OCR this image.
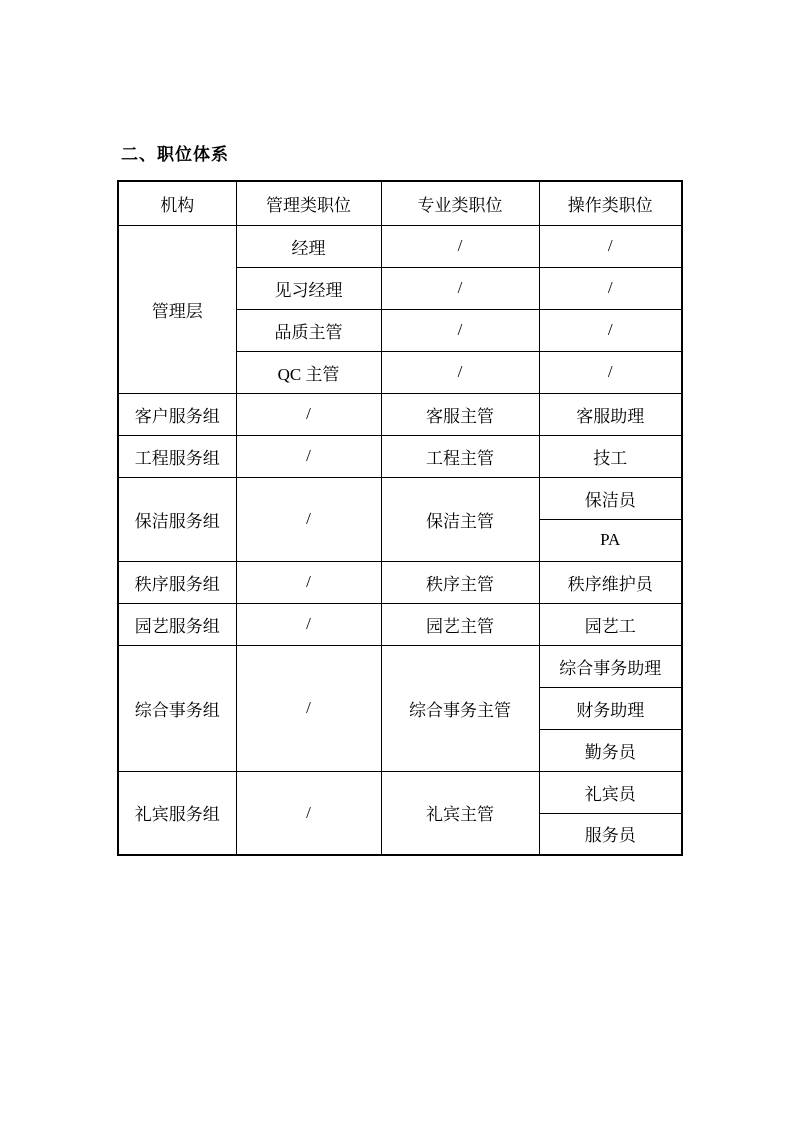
二、职位体系
机构	管理类职位	专业类职位	操作类职位
管理层	经理	/	/
	见习经理	/	/
	品质主管	/	/
	QC 主管	/	/
客户服务组	/	客服主管	客服助理
工程服务组	/	工程主管	技工
保洁服务组	/	保洁主管	保洁员
			PA
秩序服务组	/	秩序主管	秩序维护员
园艺服务组	/	园艺主管	园艺工
综合事务组	/	综合事务主管	综合事务助理
			财务助理
			勤务员
礼宾服务组	/	礼宾主管	礼宾员
			服务员
